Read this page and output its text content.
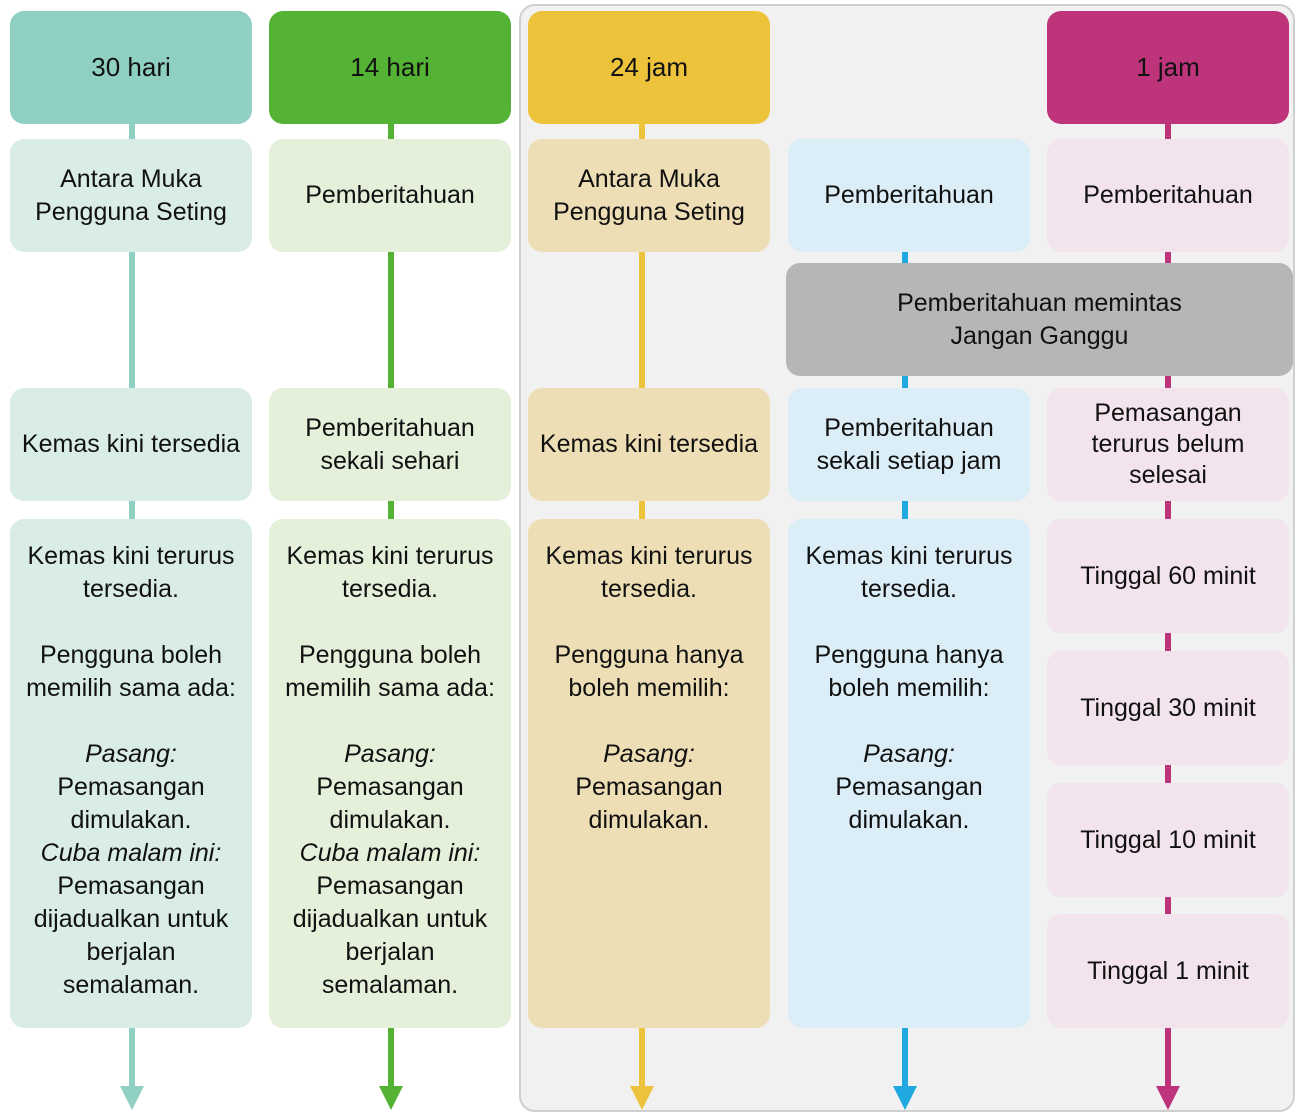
30 hari	14 hari	24 jam	1 jam
Antara Muka Pengguna Seting
Pemberitahuan
Antara Muka Pengguna Seting
Pemberitahuan	Pemberitahuan
Pemberitahuan memintas Jangan Ganggu
Kemas kini tersedia
Pemberitahuan sekali sehari
Kemas kini tersedia
Pemberitahuan sekali setiap jam
Pemasangan terurus belum selesai

Kemas kini terurus tersedia.

Pengguna boleh memilih sama ada:

Pasang:

Pemasangan dimulakan.

Cuba malam ini:

Pemasangan dijadualkan untuk berjalan semalaman.

Kemas kini terurus tersedia.

Pengguna boleh memilih sama ada:

Pasang:

Pemasangan dimulakan.

Cuba malam ini:

Pemasangan dijadualkan untuk berjalan semalaman.

Kemas kini terurus tersedia.

Pengguna hanya boleh memilih:

Pasang:

Pemasangan dimulakan.

Kemas kini terurus tersedia.

Pengguna hanya boleh memilih:

Pasang:

Pemasangan dimulakan.

Tinggal 60 minit
Tinggal 30 minit
Tinggal 10 minit
Tinggal 1 minit
